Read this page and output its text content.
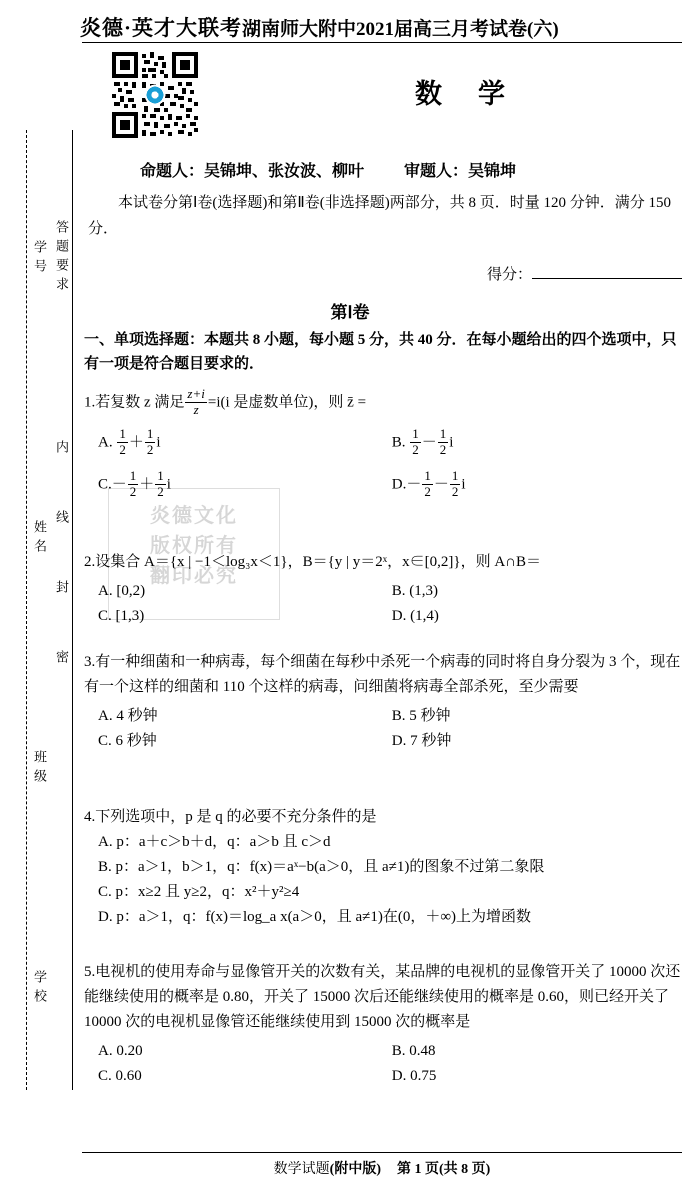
炎德·英才大联考湖南师大附中2021届高三月考试卷(六)
数学
命题人：吴锦坤、张汝波、柳叶	审题人：吴锦坤
本试卷分第Ⅰ卷(选择题)和第Ⅱ卷(非选择题)两部分，共 8 页．时量 120 分钟．满分 150 分．
得分：
第Ⅰ卷
一、单项选择题：本题共 8 小题，每小题 5 分，共 40 分．在每小题给出的四个选项中，只有一项是符合题目要求的．
学号
姓名
班级
学校
答题要求
内
线
封
密
炎德文化
版权所有
翻印必究
1.若复数 z 满足 $\frac{z+i}{z} =i(i$ 是虚数单位)，则 z̄ =
A. $\frac{1}{2} + \frac{1}{2}$ i	B. $\frac{1}{2} - \frac{1}{2}$ i
$C.- \frac{1}{2} + \frac{1}{2}$ i	$D.- \frac{1}{2} - \frac{1}{2}$ i
2.设集合 A＝{x | −1＜log₃x＜1}，B＝{y | y＝2ˣ，x∈[0,2]}，则 A∩B＝
A. [0,2)	B. (1,3)
C. [1,3)	D. (1,4)
3.有一种细菌和一种病毒，每个细菌在每秒中杀死一个病毒的同时将自身分裂为 3 个，现在有一个这样的细菌和 110 个这样的病毒，问细菌将病毒全部杀死，至少需要
A. 4 秒钟	B. 5 秒钟
C. 6 秒钟	D. 7 秒钟
4.下列选项中，p 是 q 的必要不充分条件的是
A. p：a＋c＞b＋d，q：a＞b 且 c＞d
B. p：a＞1，b＞1，q：f(x)＝aˣ−b(a＞0，且 a≠1)的图象不过第二象限
C. p：x≥2 且 y≥2，q：x²＋y²≥4
D. p：a＞1，q：f(x)＝log_a x(a＞0，且 a≠1)在(0，＋∞)上为增函数
5.电视机的使用寿命与显像管开关的次数有关，某品牌的电视机的显像管开关了 10000 次还能继续使用的概率是 0.80，开关了 15000 次后还能继续使用的概率是 0.60，则已经开关了 10000 次的电视机显像管还能继续使用到 15000 次的概率是
A. 0.20	B. 0.48
C. 0.60	D. 0.75
数学试题(附中版) 第 1 页(共 8 页)
